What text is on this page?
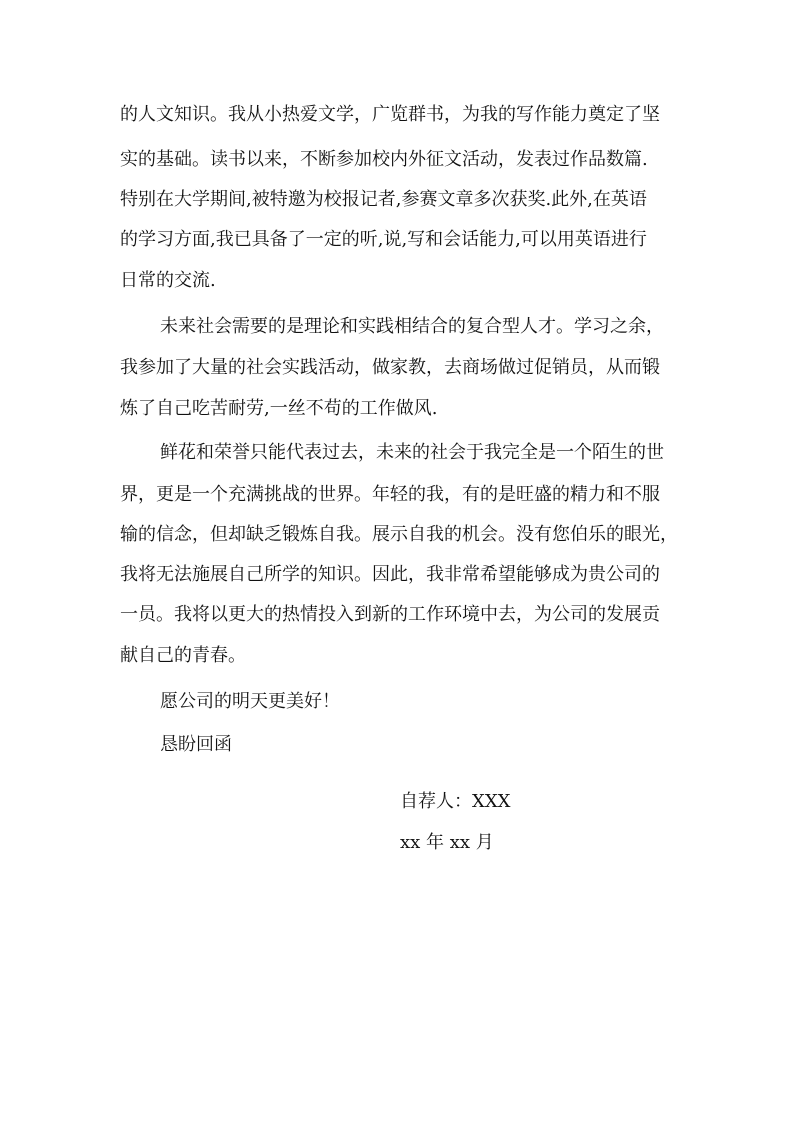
的人文知识。我从小热爱文学，广览群书，为我的写作能力奠定了坚
实的基础。读书以来，不断参加校内外征文活动，发表过作品数篇.
特别在大学期间,被特邀为校报记者,参赛文章多次获奖.此外,在英语
的学习方面,我已具备了一定的听,说,写和会话能力,可以用英语进行
日常的交流.
未来社会需要的是理论和实践相结合的复合型人才。学习之余，
我参加了大量的社会实践活动，做家教，去商场做过促销员，从而锻
炼了自己吃苦耐劳,一丝不苟的工作做风.
鲜花和荣誉只能代表过去，未来的社会于我完全是一个陌生的世
界，更是一个充满挑战的世界。年轻的我，有的是旺盛的精力和不服
输的信念，但却缺乏锻炼自我。展示自我的机会。没有您伯乐的眼光，
我将无法施展自己所学的知识。因此，我非常希望能够成为贵公司的
一员。我将以更大的热情投入到新的工作环境中去，为公司的发展贡
献自己的青春。
愿公司的明天更美好！
恳盼回函
自荐人：XXX
xx 年 xx 月
